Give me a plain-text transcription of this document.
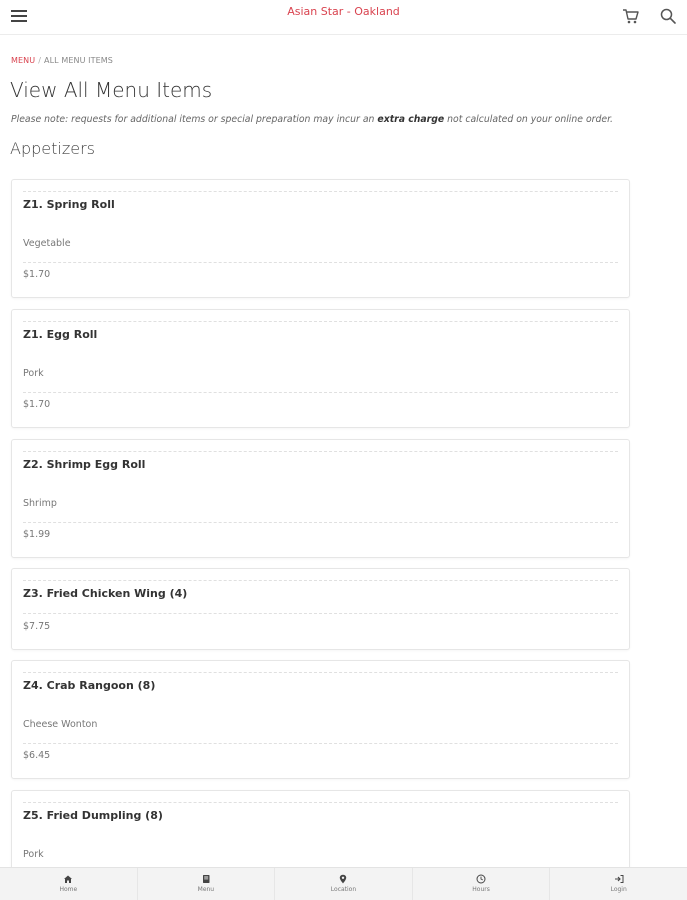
Asian Star - Oakland
MENU / ALL MENU ITEMS
View All Menu Items
Please note: requests for additional items or special preparation may incur an extra charge not calculated on your online order.
Appetizers
Z1. Spring Roll
Vegetable
$1.70
Z1. Egg Roll
Pork
$1.70
Z2. Shrimp Egg Roll
Shrimp
$1.99
Z3. Fried Chicken Wing (4)
$7.75
Z4. Crab Rangoon (8)
Cheese Wonton
$6.45
Z5. Fried Dumpling (8)
Pork
Home	Menu	Location	Hours	Login
